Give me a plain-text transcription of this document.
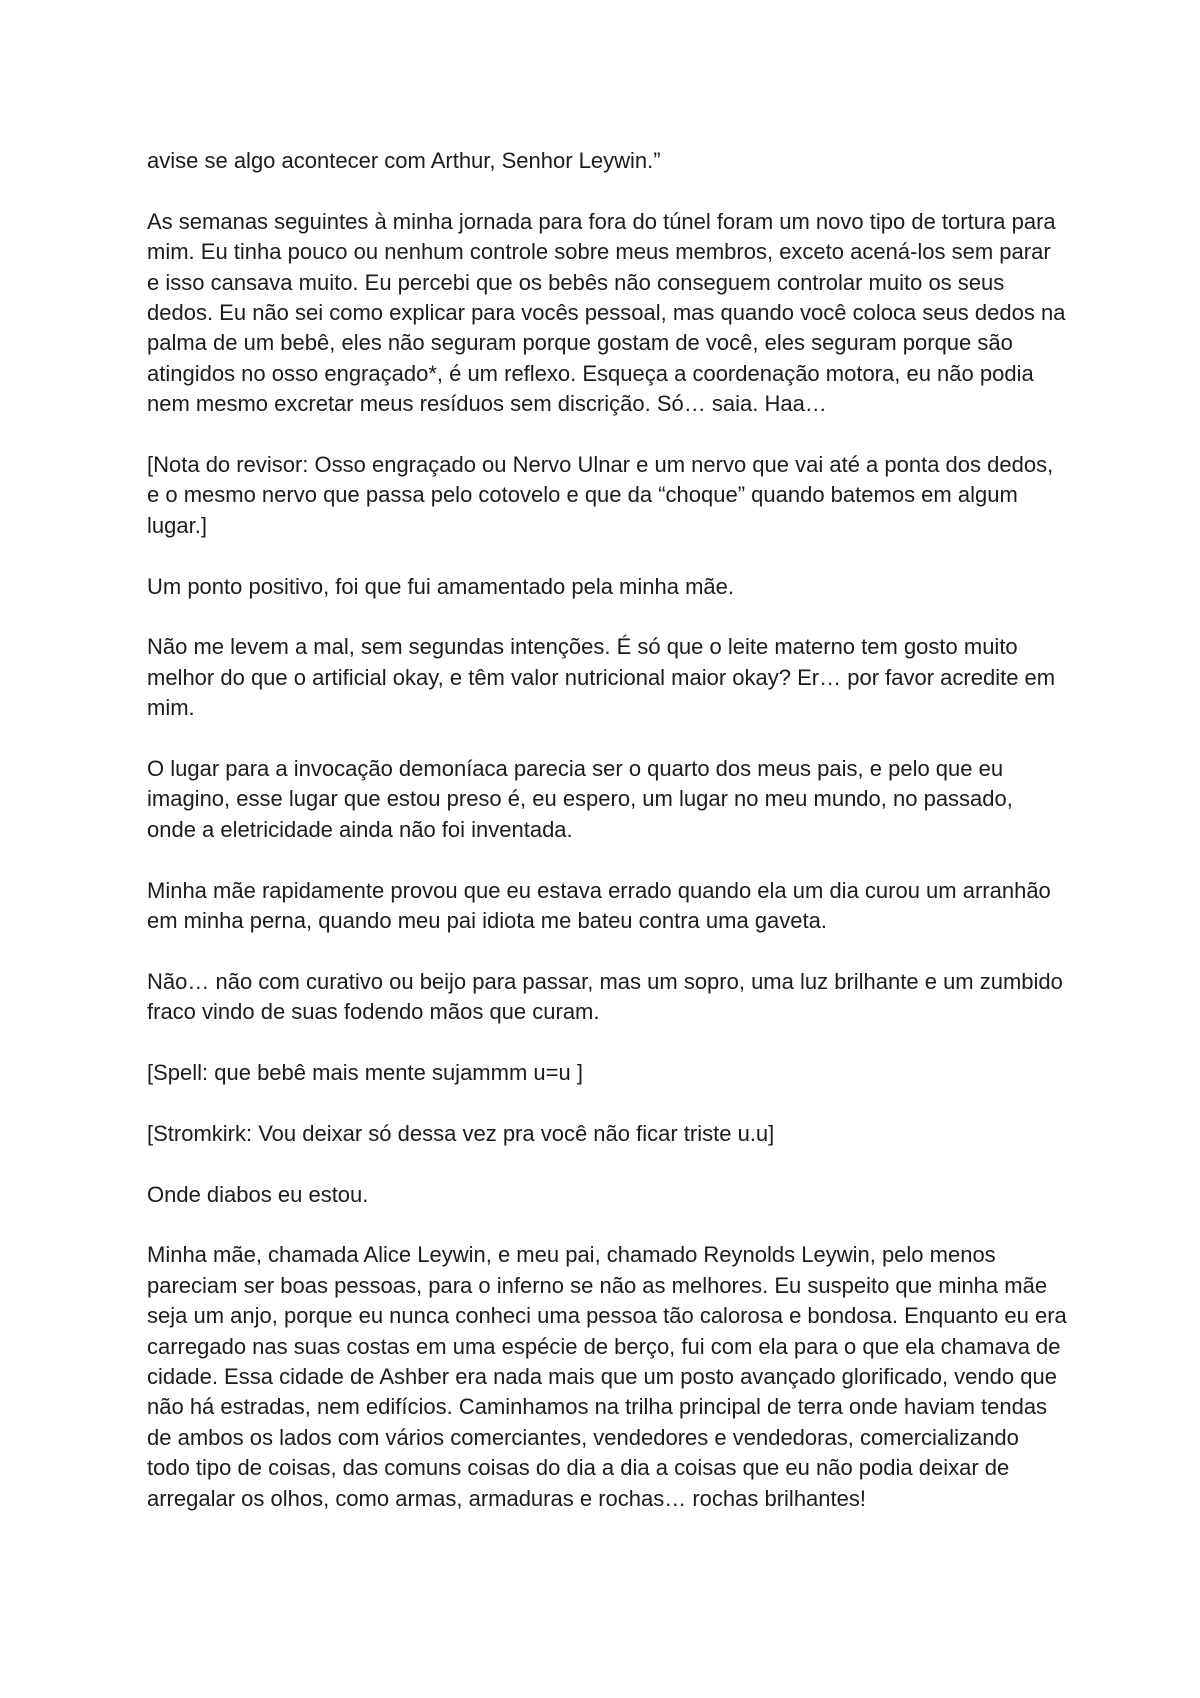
avise se algo acontecer com Arthur, Senhor Leywin.”

As semanas seguintes à minha jornada para fora do túnel foram um novo tipo de tortura para mim. Eu tinha pouco ou nenhum controle sobre meus membros, exceto acená-los sem parar e isso cansava muito. Eu percebi que os bebês não conseguem controlar muito os seus dedos. Eu não sei como explicar para vocês pessoal, mas quando você coloca seus dedos na palma de um bebê, eles não seguram porque gostam de você, eles seguram porque são atingidos no osso engraçado*, é um reflexo. Esqueça a coordenação motora, eu não podia nem mesmo excretar meus resíduos sem discrição. Só… saia. Haa…

[Nota do revisor: Osso engraçado ou Nervo Ulnar e um nervo que vai até a ponta dos dedos, e o mesmo nervo que passa pelo cotovelo e que da “choque” quando batemos em algum lugar.]

Um ponto positivo, foi que fui amamentado pela minha mãe.

Não me levem a mal, sem segundas intenções. É só que o leite materno tem gosto muito melhor do que o artificial okay, e têm valor nutricional maior okay? Er… por favor acredite em mim.

O lugar para a invocação demoníaca parecia ser o quarto dos meus pais, e pelo que eu imagino, esse lugar que estou preso é, eu espero, um lugar no meu mundo, no passado, onde a eletricidade ainda não foi inventada.

Minha mãe rapidamente provou que eu estava errado quando ela um dia curou um arranhão em minha perna, quando meu pai idiota me bateu contra uma gaveta.

Não… não com curativo ou beijo para passar, mas um sopro, uma luz brilhante e um zumbido fraco vindo de suas fodendo mãos que curam.

[Spell: que bebê mais mente sujammm u=u ]

[Stromkirk: Vou deixar só dessa vez pra você não ficar triste u.u]

Onde diabos eu estou.

Minha mãe, chamada Alice Leywin, e meu pai, chamado Reynolds Leywin, pelo menos pareciam ser boas pessoas, para o inferno se não as melhores. Eu suspeito que minha mãe seja um anjo, porque eu nunca conheci uma pessoa tão calorosa e bondosa. Enquanto eu era carregado nas suas costas em uma espécie de berço, fui com ela para o que ela chamava de cidade. Essa cidade de Ashber era nada mais que um posto avançado glorificado, vendo que não há estradas, nem edifícios. Caminhamos na trilha principal de terra onde haviam tendas de ambos os lados com vários comerciantes, vendedores e vendedoras, comercializando todo tipo de coisas, das comuns coisas do dia a dia a coisas que eu não podia deixar de arregalar os olhos, como armas, armaduras e rochas… rochas brilhantes!
